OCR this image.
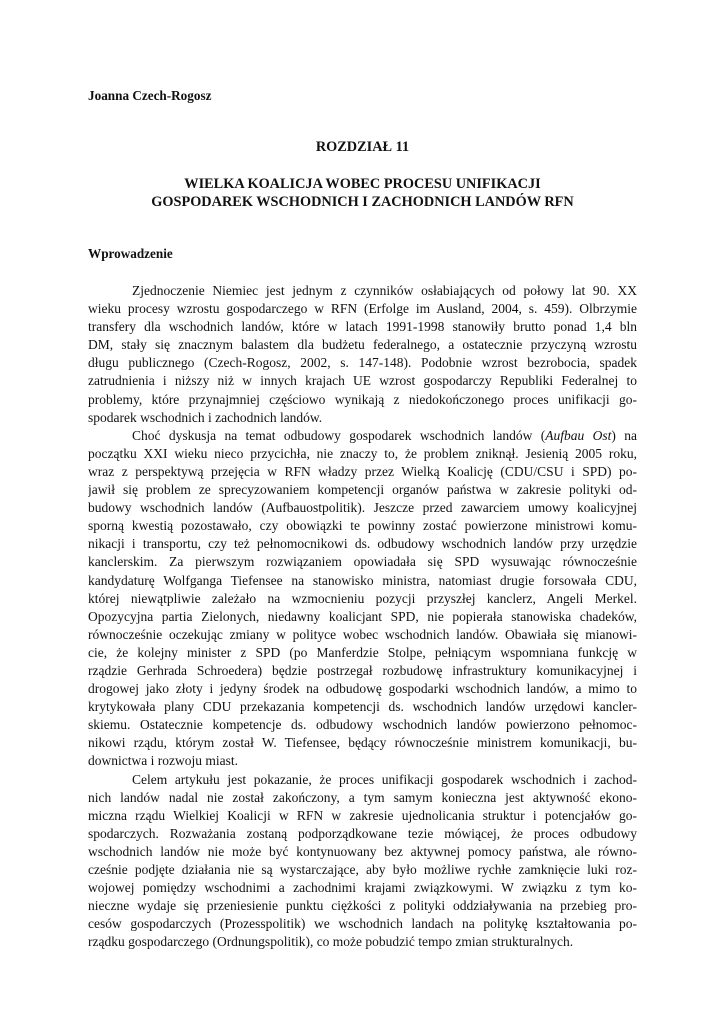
Joanna Czech-Rogosz
ROZDZIAŁ 11
WIELKA KOALICJA WOBEC PROCESU UNIFIKACJI
GOSPODAREK WSCHODNICH I ZACHODNICH LANDÓW RFN
Wprowadzenie
Zjednoczenie Niemiec jest jednym z czynników osłabiających od połowy lat 90. XX
wieku procesy wzrostu gospodarczego w RFN (Erfolge im Ausland, 2004, s. 459). Olbrzymie
transfery dla wschodnich landów, które w latach 1991-1998 stanowiły brutto ponad 1,4 bln
DM, stały się znacznym balastem dla budżetu federalnego, a ostatecznie przyczyną wzrostu
długu publicznego (Czech-Rogosz, 2002, s. 147-148). Podobnie wzrost bezrobocia, spadek
zatrudnienia i niższy niż w innych krajach UE wzrost gospodarczy Republiki Federalnej to
problemy, które przynajmniej częściowo wynikają z niedokończonego proces unifikacji go-
spodarek wschodnich i zachodnich landów.
Choć dyskusja na temat odbudowy gospodarek wschodnich landów (Aufbau Ost) na
początku XXI wieku nieco przycichła, nie znaczy to, że problem zniknął. Jesienią 2005 roku,
wraz z perspektywą przejęcia w RFN władzy przez Wielką Koalicję (CDU/CSU i SPD) po-
jawił się problem ze sprecyzowaniem kompetencji organów państwa w zakresie polityki od-
budowy wschodnich landów (Aufbauostpolitik). Jeszcze przed zawarciem umowy koalicyjnej
sporną kwestią pozostawało, czy obowiązki te powinny zostać powierzone ministrowi komu-
nikacji i transportu, czy też pełnomocnikowi ds. odbudowy wschodnich landów przy urzędzie
kanclerskim. Za pierwszym rozwiązaniem opowiadała się SPD wysuwając równocześnie
kandydaturę Wolfganga Tiefensee na stanowisko ministra, natomiast drugie forsowała CDU,
której niewątpliwie zależało na wzmocnieniu pozycji przyszłej kanclerz, Angeli Merkel.
Opozycyjna partia Zielonych, niedawny koalicjant SPD, nie popierała stanowiska chadeków,
równocześnie oczekując zmiany w polityce wobec wschodnich landów. Obawiała się mianowi-
cie, że kolejny minister z SPD (po Manferdzie Stolpe, pełniącym wspomniana funkcję w
rządzie Gerhrada Schroedera) będzie postrzegał rozbudowę infrastruktury komunikacyjnej i
drogowej jako złoty i jedyny środek na odbudowę gospodarki wschodnich landów, a mimo to
krytykowała plany CDU przekazania kompetencji ds. wschodnich landów urzędowi kancler-
skiemu. Ostatecznie kompetencje ds. odbudowy wschodnich landów powierzono pełnomoc-
nikowi rządu, którym został W. Tiefensee, będący równocześnie ministrem komunikacji, bu-
downictwa i rozwoju miast.
Celem artykułu jest pokazanie, że proces unifikacji gospodarek wschodnich i zachod-
nich landów nadal nie został zakończony, a tym samym konieczna jest aktywność ekono-
miczna rządu Wielkiej Koalicji w RFN w zakresie ujednolicania struktur i potencjałów go-
spodarczych. Rozważania zostaną podporządkowane tezie mówiącej, że proces odbudowy
wschodnich landów nie może być kontynuowany bez aktywnej pomocy państwa, ale równo-
cześnie podjęte działania nie są wystarczające, aby było możliwe rychłe zamknięcie luki roz-
wojowej pomiędzy wschodnimi a zachodnimi krajami związkowymi. W związku z tym ko-
nieczne wydaje się przeniesienie punktu ciężkości z polityki oddziaływania na przebieg pro-
cesów gospodarczych (Prozesspolitik) we wschodnich landach na politykę kształtowania po-
rządku gospodarczego (Ordnungspolitik), co może pobudzić tempo zmian strukturalnych.
